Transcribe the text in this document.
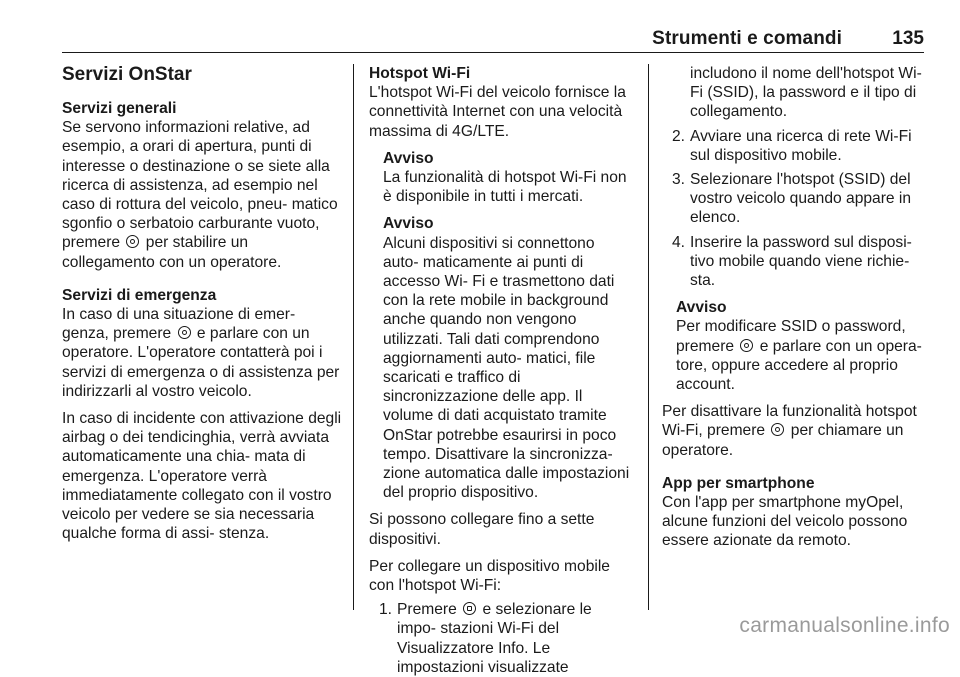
Strumenti e comandi	135
Servizi OnStar
Servizi generali

Se servono informazioni relative, ad esempio, a orari di apertura, punti di interesse o destinazione o se siete alla ricerca di assistenza, ad esempio nel caso di rottura del veicolo, pneu‐ matico sgonfio o serbatoio carburante vuoto, premere per stabilire un collegamento con un operatore.

Servizi di emergenza

In caso di una situazione di emer‐ genza, premere e parlare con un operatore. L'operatore contatterà poi i servizi di emergenza o di assistenza per indirizzarli al vostro veicolo.

In caso di incidente con attivazione degli airbag o dei tendicinghia, verrà avviata automaticamente una chia‐ mata di emergenza. L'operatore verrà immediatamente collegato con il vostro veicolo per vedere se sia necessaria qualche forma di assi‐ stenza.

Hotspot Wi-Fi

L'hotspot Wi-Fi del veicolo fornisce la connettività Internet con una velocità massima di 4G/LTE.

Avviso

La funzionalità di hotspot Wi-Fi non è disponibile in tutti i mercati.

Avviso

Alcuni dispositivi si connettono auto‐ maticamente ai punti di accesso Wi- Fi e trasmettono dati con la rete mobile in background anche quando non vengono utilizzati. Tali dati comprendono aggiornamenti auto‐ matici, file scaricati e traffico di sincronizzazione delle app. Il volume di dati acquistato tramite OnStar potrebbe esaurirsi in poco tempo. Disattivare la sincronizza‐ zione automatica dalle impostazioni del proprio dispositivo.

Si possono collegare fino a sette dispositivi.

Per collegare un dispositivo mobile con l'hotspot Wi-Fi:

1. Premere e selezionare le impo‐ stazioni Wi-Fi del Visualizzatore Info. Le impostazioni visualizzate
includono il nome dell'hotspot Wi- Fi (SSID), la password e il tipo di collegamento.
2. Avviare una ricerca di rete Wi-Fi sul dispositivo mobile.
3. Selezionare l'hotspot (SSID) del vostro veicolo quando appare in elenco.
4. Inserire la password sul disposi‐ tivo mobile quando viene richie‐ sta.
Avviso

Per modificare SSID o password, premere e parlare con un opera‐ tore, oppure accedere al proprio account.

Per disattivare la funzionalità hotspot Wi-Fi, premere per chiamare un operatore.

App per smartphone

Con l'app per smartphone myOpel, alcune funzioni del veicolo possono essere azionate da remoto.

carmanualsonline.info
